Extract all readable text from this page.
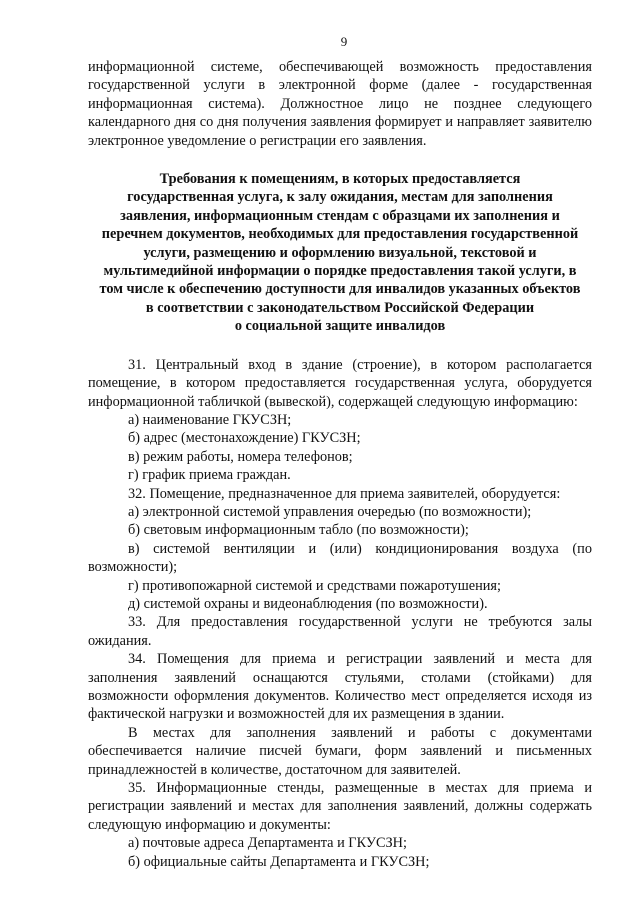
9

информационной системе, обеспечивающей возможность предоставления государственной услуги в электронной форме (далее - государственная информационная система). Должностное лицо не позднее следующего календарного дня со дня получения заявления формирует и направляет заявителю электронное уведомление о регистрации его заявления.

Требования к помещениям, в которых предоставляется
государственная услуга, к залу ожидания, местам для заполнения
заявления, информационным стендам с образцами их заполнения и
перечнем документов, необходимых для предоставления государственной
услуги, размещению и оформлению визуальной, текстовой и
мультимедийной информации о порядке предоставления такой услуги, в
том числе к обеспечению доступности для инвалидов указанных объектов
в соответствии с законодательством Российской Федерации
о социальной защите инвалидов

31. Центральный вход в здание (строение), в котором располагается помещение, в котором предоставляется государственная услуга, оборудуется информационной табличкой (вывеской), содержащей следующую информацию:

а) наименование ГКУСЗН;

б) адрес (местонахождение) ГКУСЗН;

в) режим работы, номера телефонов;

г) график приема граждан.

32. Помещение, предназначенное для приема заявителей, оборудуется:

а) электронной системой управления очередью (по возможности);

б) световым информационным табло (по возможности);

в) системой вентиляции и (или) кондиционирования воздуха (по возможности);

г) противопожарной системой и средствами пожаротушения;

д) системой охраны и видеонаблюдения (по возможности).

33. Для предоставления государственной услуги не требуются залы ожидания.

34. Помещения для приема и регистрации заявлений и места для заполнения заявлений оснащаются стульями, столами (стойками) для возможности оформления документов. Количество мест определяется исходя из фактической нагрузки и возможностей для их размещения в здании.

В местах для заполнения заявлений и работы с документами обеспечивается наличие писчей бумаги, форм заявлений и письменных принадлежностей в количестве, достаточном для заявителей.

35. Информационные стенды, размещенные в местах для приема и регистрации заявлений и местах для заполнения заявлений, должны содержать следующую информацию и документы:

а) почтовые адреса Департамента и ГКУСЗН;

б) официальные сайты Департамента и ГКУСЗН;
